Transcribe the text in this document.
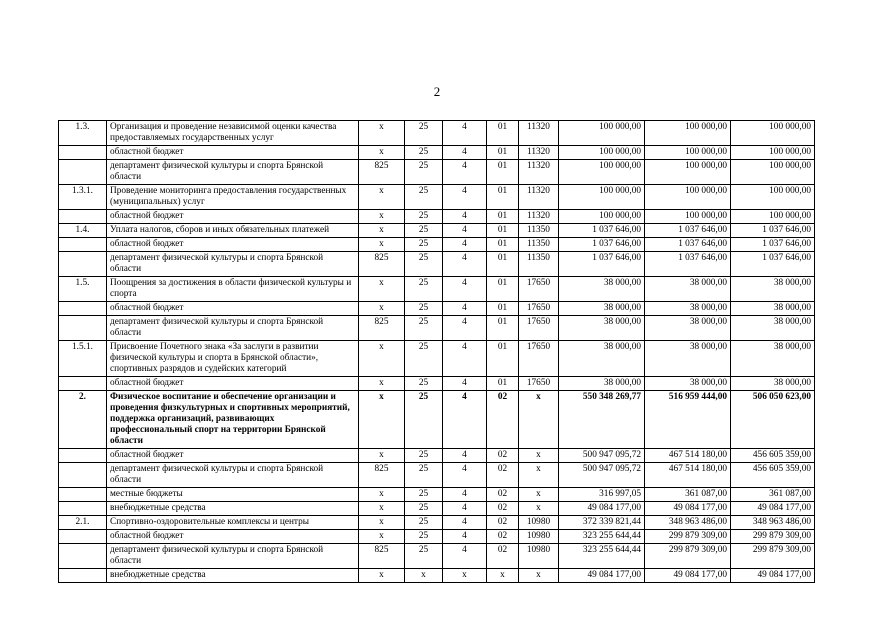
2
1.3.	Организация и проведение независимой оценки качества предоставляемых государственных услуг	х	25	4	01	11320	100 000,00	100 000,00	100 000,00
	областной бюджет	х	25	4	01	11320	100 000,00	100 000,00	100 000,00
	департамент физической культуры и спорта Брянской области	825	25	4	01	11320	100 000,00	100 000,00	100 000,00
1.3.1.	Проведение мониторинга предоставления государственных (муниципальных) услуг	х	25	4	01	11320	100 000,00	100 000,00	100 000,00
	областной бюджет	х	25	4	01	11320	100 000,00	100 000,00	100 000,00
1.4.	Уплата налогов, сборов и иных обязательных платежей	х	25	4	01	11350	1 037 646,00	1 037 646,00	1 037 646,00
	областной бюджет	х	25	4	01	11350	1 037 646,00	1 037 646,00	1 037 646,00
	департамент физической культуры и спорта Брянской области	825	25	4	01	11350	1 037 646,00	1 037 646,00	1 037 646,00
1.5.	Поощрения за достижения в области физической культуры и спорта	х	25	4	01	17650	38 000,00	38 000,00	38 000,00
	областной бюджет	х	25	4	01	17650	38 000,00	38 000,00	38 000,00
	департамент физической культуры и спорта Брянской области	825	25	4	01	17650	38 000,00	38 000,00	38 000,00
1.5.1.	Присвоение Почетного знака «За заслуги в развитии физической культуры и спорта в Брянской области», спортивных разрядов и судейских категорий	х	25	4	01	17650	38 000,00	38 000,00	38 000,00
	областной бюджет	х	25	4	01	17650	38 000,00	38 000,00	38 000,00
2.	Физическое воспитание и обеспечение организации и проведения физкультурных и спортивных мероприятий, поддержка организаций, развивающих профессиональный спорт на территории Брянской области	х	25	4	02	х	550 348 269,77	516 959 444,00	506 050 623,00
	областной бюджет	х	25	4	02	х	500 947 095,72	467 514 180,00	456 605 359,00
	департамент физической культуры и спорта Брянской области	825	25	4	02	х	500 947 095,72	467 514 180,00	456 605 359,00
	местные бюджеты	х	25	4	02	х	316 997,05	361 087,00	361 087,00
	внебюджетные средства	х	25	4	02	х	49 084 177,00	49 084 177,00	49 084 177,00
2.1.	Спортивно-оздоровительные комплексы и центры	х	25	4	02	10980	372 339 821,44	348 963 486,00	348 963 486,00
	областной бюджет	х	25	4	02	10980	323 255 644,44	299 879 309,00	299 879 309,00
	департамент физической культуры и спорта Брянской области	825	25	4	02	10980	323 255 644,44	299 879 309,00	299 879 309,00
	внебюджетные средства	х	х	х	х	х	49 084 177,00	49 084 177,00	49 084 177,00
